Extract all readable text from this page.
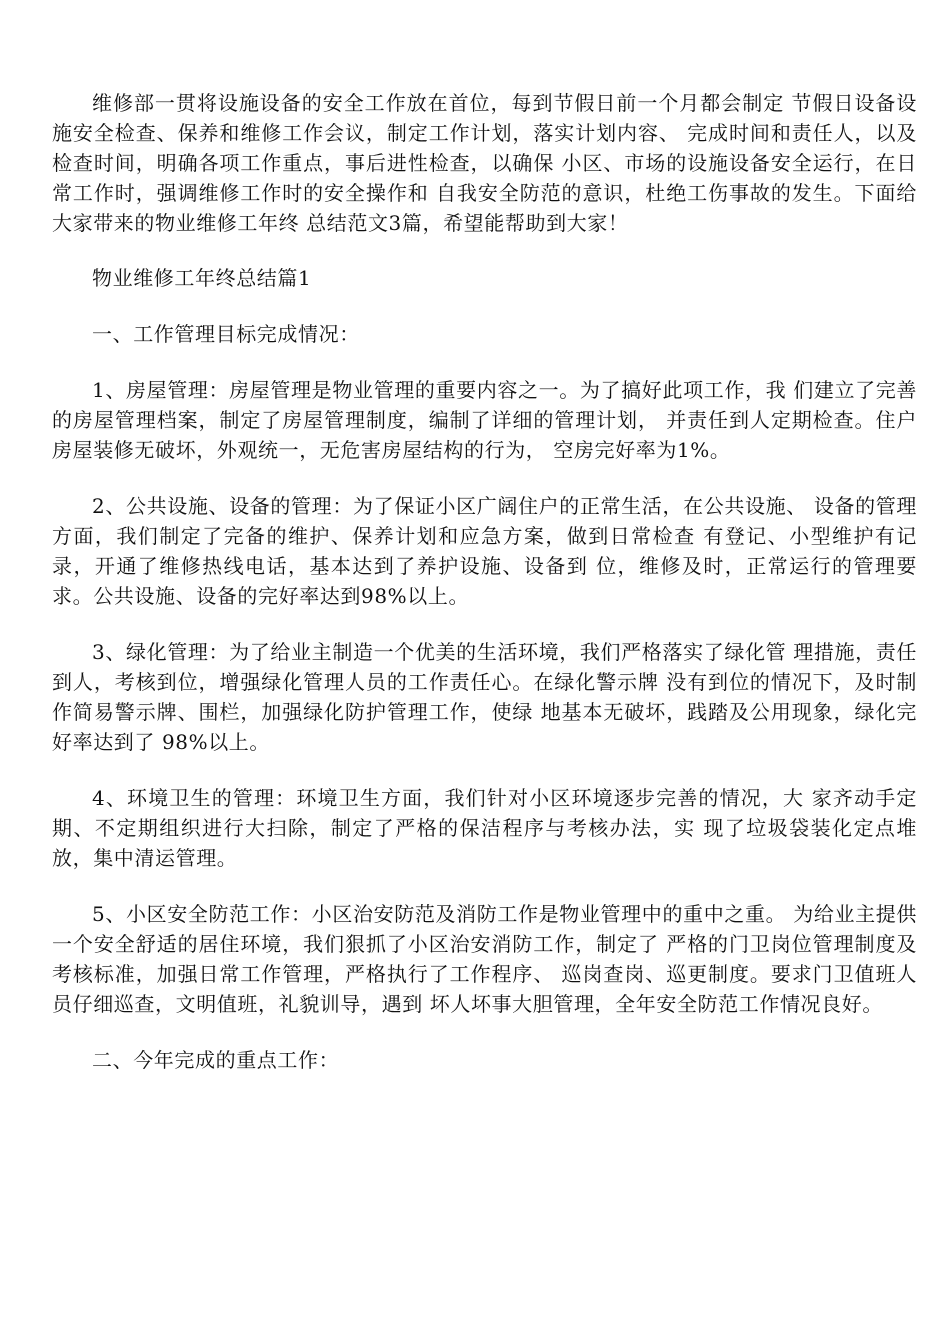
维修部一贯将设施设备的安全工作放在首位，每到节假日前一个月都会制定 节假日设备设施安全检查、保养和维修工作会议，制定工作计划，落实计划内容、 完成时间和责任人，以及检查时间，明确各项工作重点，事后进性检查，以确保 小区、市场的设施设备安全运行，在日常工作时，强调维修工作时的安全操作和 自我安全防范的意识，杜绝工伤事故的发生。下面给大家带来的物业维修工年终 总结范文3篇，希望能帮助到大家！

物业维修工年终总结篇1

一、工作管理目标完成情况：

1、房屋管理：房屋管理是物业管理的重要内容之一。为了搞好此项工作，我 们建立了完善的房屋管理档案，制定了房屋管理制度，编制了详细的管理计划， 并责任到人定期检查。住户房屋装修无破坏，外观统一，无危害房屋结构的行为， 空房完好率为1%。

2、公共设施、设备的管理：为了保证小区广阔住户的正常生活，在公共设施、 设备的管理方面，我们制定了完备的维护、保养计划和应急方案，做到日常检查 有登记、小型维护有记录，开通了维修热线电话，基本达到了养护设施、设备到 位，维修及时，正常运行的管理要求。公共设施、设备的完好率达到98%以上。

3、绿化管理：为了给业主制造一个优美的生活环境，我们严格落实了绿化管 理措施，责任到人，考核到位，增强绿化管理人员的工作责任心。在绿化警示牌 没有到位的情况下，及时制作简易警示牌、围栏，加强绿化防护管理工作，使绿 地基本无破坏，践踏及公用现象，绿化完好率达到了 98%以上。

4、环境卫生的管理：环境卫生方面，我们针对小区环境逐步完善的情况，大 家齐动手定期、不定期组织进行大扫除，制定了严格的保洁程序与考核办法，实 现了垃圾袋装化定点堆放，集中清运管理。

5、小区安全防范工作：小区治安防范及消防工作是物业管理中的重中之重。 为给业主提供一个安全舒适的居住环境，我们狠抓了小区治安消防工作，制定了 严格的门卫岗位管理制度及考核标准，加强日常工作管理，严格执行了工作程序、 巡岗查岗、巡更制度。要求门卫值班人员仔细巡查，文明值班，礼貌训导，遇到 坏人坏事大胆管理，全年安全防范工作情况良好。

二、今年完成的重点工作：
